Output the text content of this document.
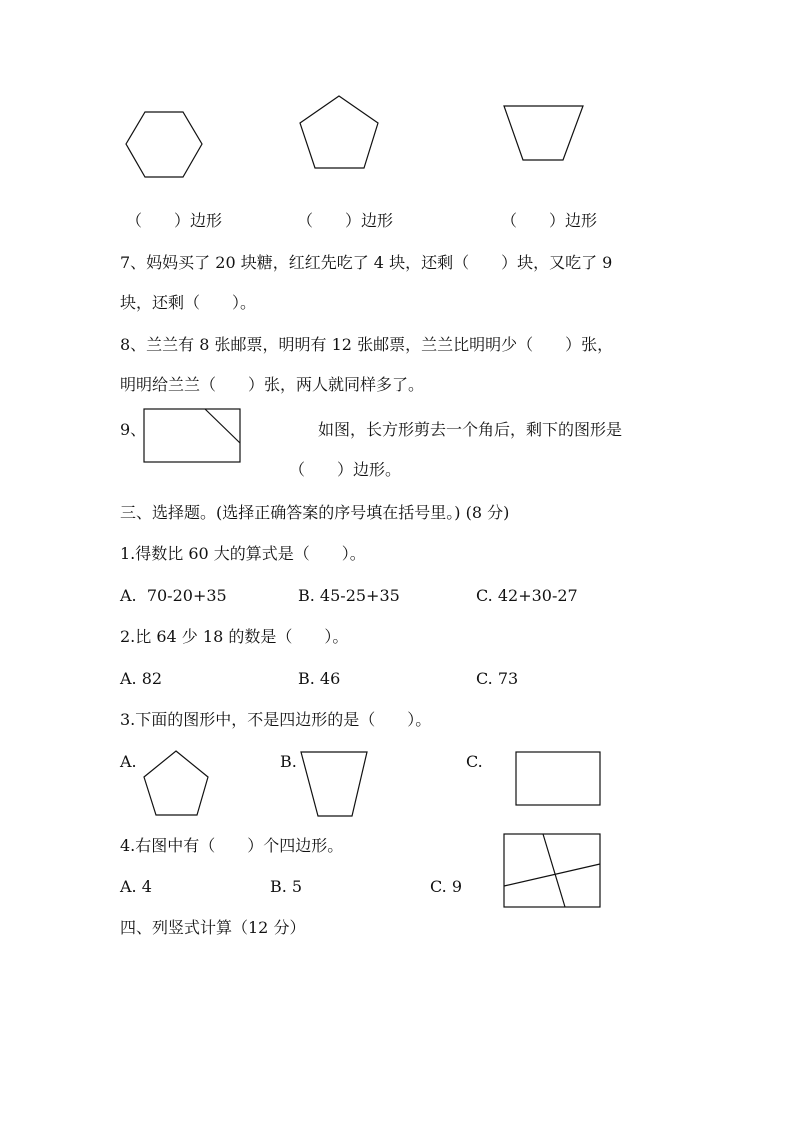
（　　）边形	（　　）边形	（　　）边形
7、妈妈买了 20 块糖，红红先吃了 4 块，还剩（　　）块，又吃了 9
块，还剩（　　）。
8、兰兰有 8 张邮票，明明有 12 张邮票，兰兰比明明少（　　）张，
明明给兰兰（　　）张，两人就同样多了。
9、	如图，长方形剪去一个角后，剩下的图形是
（　　）边形。
三、选择题。(选择正确答案的序号填在括号里。) (8 分)
1.得数比 60 大的算式是（　　）。
A.  70-20+35	B. 45-25+35	C. 42+30-27
2.比 64 少 18 的数是（　　）。
A. 82	B. 46	C. 73
3.下面的图形中，不是四边形的是（　　）。
A.	B.	C.
4.右图中有（　　）个四边形。
A. 4	B. 5	C. 9
四、列竖式计算（12 分）
